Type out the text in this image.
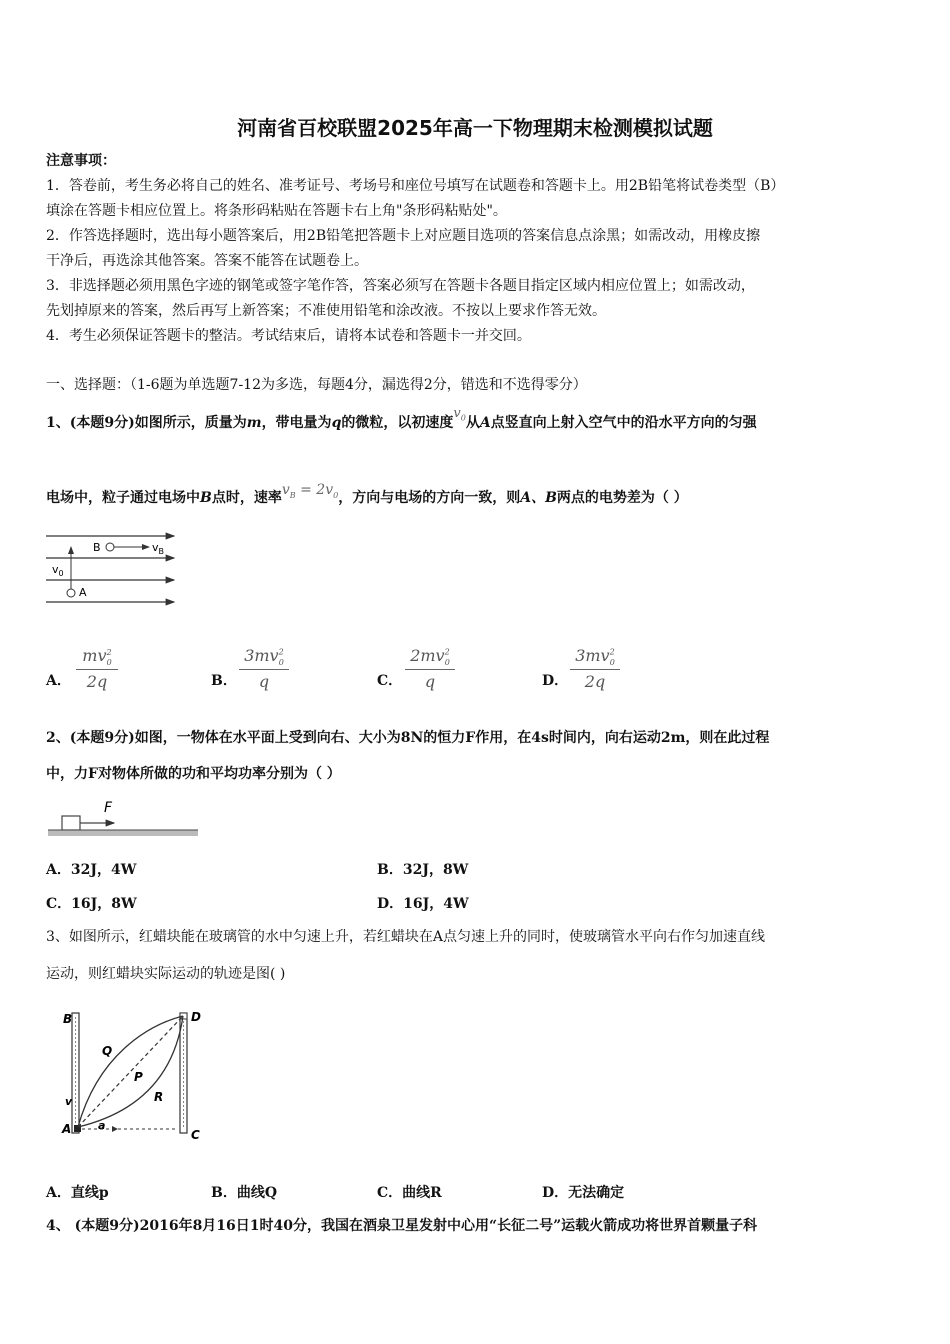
河南省百校联盟2025年高一下物理期末检测模拟试题
注意事项：
1．答卷前，考生务必将自己的姓名、准考证号、考场号和座位号填写在试题卷和答题卡上。用2B铅笔将试卷类型（B）
填涂在答题卡相应位置上。将条形码粘贴在答题卡右上角"条形码粘贴处"。
2．作答选择题时，选出每小题答案后，用2B铅笔把答题卡上对应题目选项的答案信息点涂黑；如需改动，用橡皮擦
干净后，再选涂其他答案。答案不能答在试题卷上。
3．非选择题必须用黑色字迹的钢笔或签字笔作答，答案必须写在答题卡各题目指定区域内相应位置上；如需改动，
先划掉原来的答案，然后再写上新答案；不准使用铅笔和涂改液。不按以上要求作答无效。
4．考生必须保证答题卡的整洁。考试结束后，请将本试卷和答题卡一并交回。
一、选择题：（1-6题为单选题7-12为多选，每题4分，漏选得2分，错选和不选得零分）
1、(本题9分)如图所示，质量为m，带电量为q的微粒，以初速度$v_0$从A点竖直向上射入空气中的沿水平方向的匀强
电场中，粒子通过电场中B点时，速率$v_B = 2v_0$，方向与电场的方向一致，则A、B两点的电势差为（ ）
B	$v_B$
$v_0$
A
A．
$mv^2_0$
2q	B．
$3mv^2_0$
q	C．
$2mv^2_0$
q	D．
$3mv^2_0$
2q
2、(本题9分)如图，一物体在水平面上受到向右、大小为8N的恒力F作用，在4s时间内，向右运动2m，则在此过程
中，力F对物体所做的功和平均功率分别为（ ）
F
A．32J，4W	B．32J，8W
C．16J，8W	D．16J，4W
3、如图所示，红蜡块能在玻璃管的水中匀速上升，若红蜡块在A点匀速上升的同时，使玻璃管水平向右作匀加速直线
运动，则红蜡块实际运动的轨迹是图( )
B	D
Q
P
R
v
A a
C
A．直线p	B．曲线Q	C．曲线R	D．无法确定
4、 (本题9分)2016年8月16日1时40分，我国在酒泉卫星发射中心用“长征二号”运载火箭成功将世界首颗量子科
